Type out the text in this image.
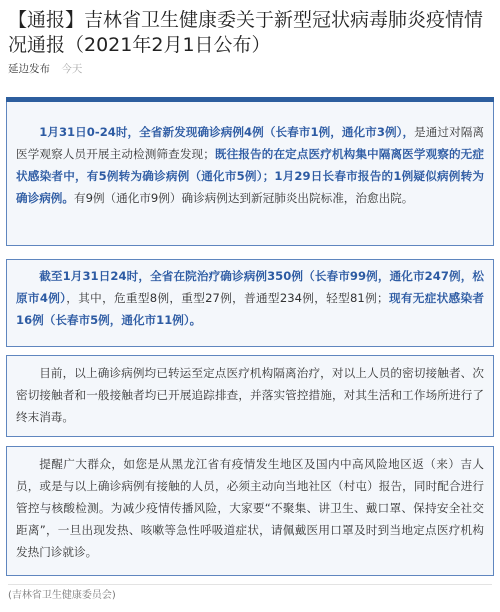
【通报】吉林省卫生健康委关于新型冠状病毒肺炎疫情情况通报（2021年2月1日公布）
延边发布 今天

1月31日0-24时，全省新发现确诊病例4例（长春市1例，通化市3例），是通过对隔离医学观察人员开展主动检测筛查发现；既往报告的在定点医疗机构集中隔离医学观察的无症状感染者中，有5例转为确诊病例（通化市5例）；1月29日长春市报告的1例疑似病例转为确诊病例。有9例（通化市9例）确诊病例达到新冠肺炎出院标准，治愈出院。

截至1月31日24时，全省在院治疗确诊病例350例（长春市99例，通化市247例，松原市4例），其中，危重型8例，重型27例，普通型234例，轻型81例；现有无症状感染者16例（长春市5例，通化市11例）。

目前，以上确诊病例均已转运至定点医疗机构隔离治疗，对以上人员的密切接触者、次密切接触者和一般接触者均已开展追踪排查，并落实管控措施，对其生活和工作场所进行了终末消毒。

提醒广大群众，如您是从黑龙江省有疫情发生地区及国内中高风险地区返（来）吉人员，或是与以上确诊病例有接触的人员，必须主动向当地社区（村屯）报告，同时配合进行管控与核酸检测。为减少疫情传播风险，大家要“不聚集、讲卫生、戴口罩、保持安全社交距离”，一旦出现发热、咳嗽等急性呼吸道症状，请佩戴医用口罩及时到当地定点医疗机构发热门诊就诊。

(吉林省卫生健康委员会)
